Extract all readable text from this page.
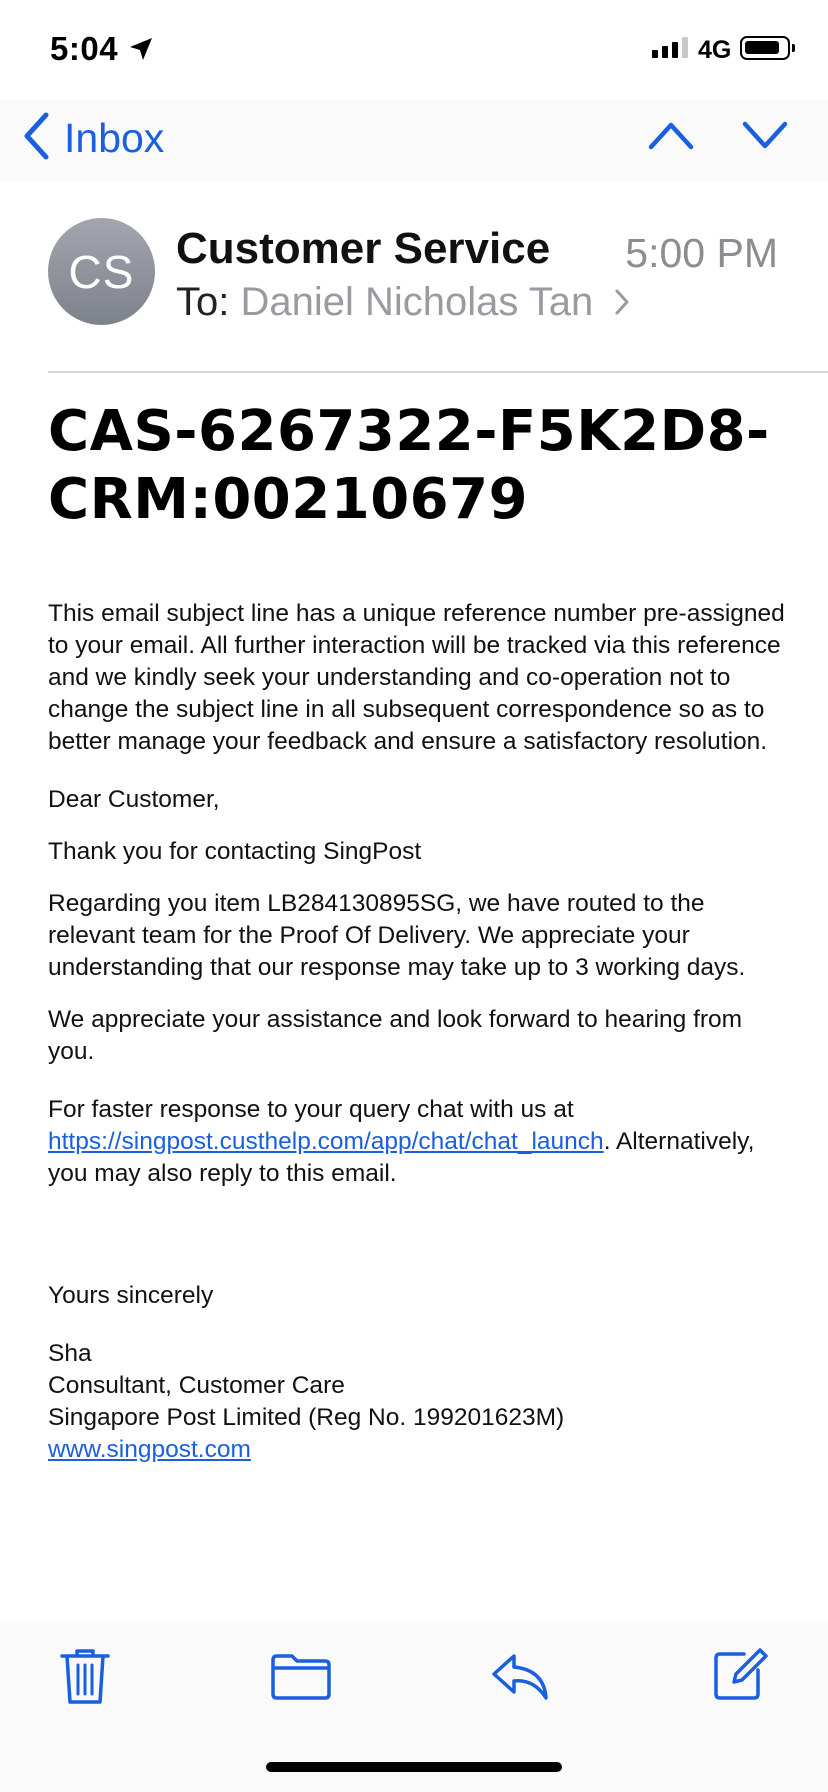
5:04	4G
Inbox
CS Customer Service 5:00 PM
To: Daniel Nicholas Tan
CAS-6267322-F5K2D8-CRM:00210679

This email subject line has a unique reference number pre-assigned to your email. All further interaction will be tracked via this reference and we kindly seek your understanding and co-operation not to change the subject line in all subsequent correspondence so as to better manage your feedback and ensure a satisfactory resolution.

Dear Customer,

Thank you for contacting SingPost

Regarding you item LB284130895SG, we have routed to the relevant team for the Proof Of Delivery. We appreciate your understanding that our response may take up to 3 working days.

We appreciate your assistance and look forward to hearing from you.

For faster response to your query chat with us at https://singpost.custhelp.com/app/chat/chat_launch. Alternatively, you may also reply to this email.

Yours sincerely

Sha

Consultant, Customer Care

Singapore Post Limited (Reg No. 199201623M)

www.singpost.com
